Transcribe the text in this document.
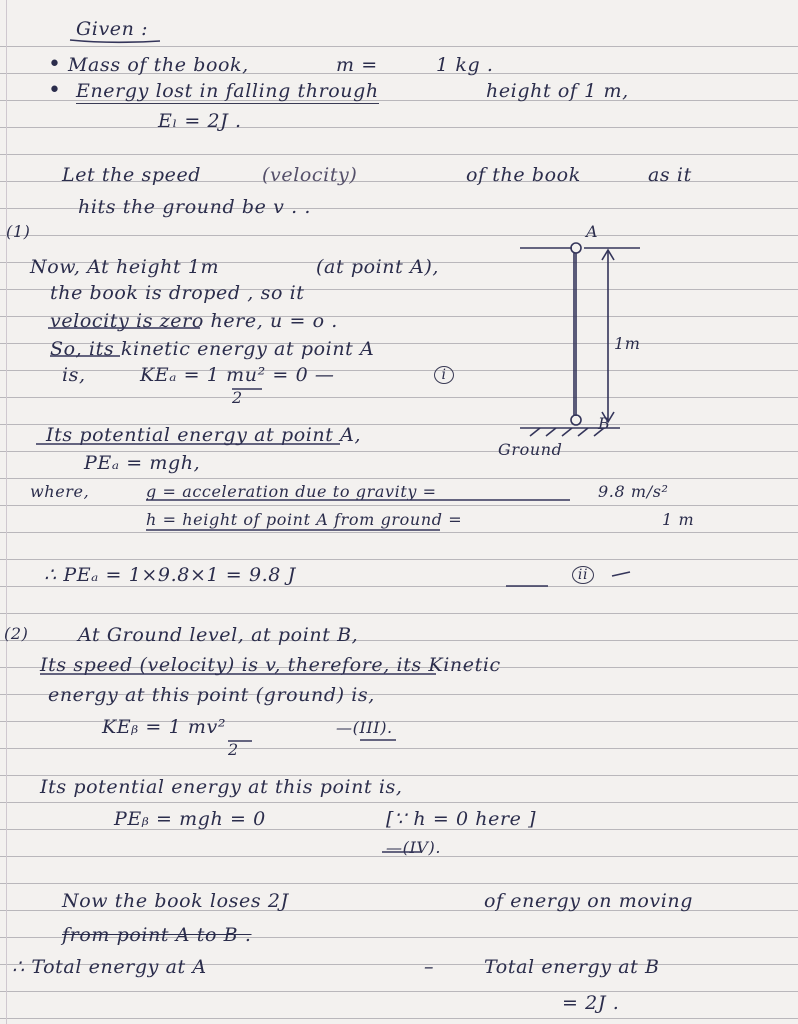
Given :
• Mass of the book,	m =	1 kg .
• Energy lost in falling through	height of 1 m,
Eₗ = 2J .
Let the speed	(velocity)	of the book	as it
hits the ground be v . .
(1)
Now, At height 1m	(at point A),
the book is droped , so it
velocity is zero here, u = o .
So, its kinetic energy at point A
is,	KEₐ = 1 mu² = 0 —
2
i
Its potential energy at point A,
PEₐ = mgh,
where,	g = acceleration due to gravity =	9.8 m/s²
h = height of point A from ground =	1 m
∴ PEₐ = 1×9.8×1 = 9.8 J	ii
A
B
1m
Ground
(2)	At Ground level, at point B,
Its speed (velocity) is v, therefore, its Kinetic
energy at this point (ground) is,
KEᵦ = 1 mv²
2
—(III).
Its potential energy at this point is,
PEᵦ = mgh = 0	[∵ h = 0 here ]
—(IV).
Now the book loses 2J	of energy on moving
from point A to B .
∴ Total energy at A	–	Total energy at B
= 2J .
